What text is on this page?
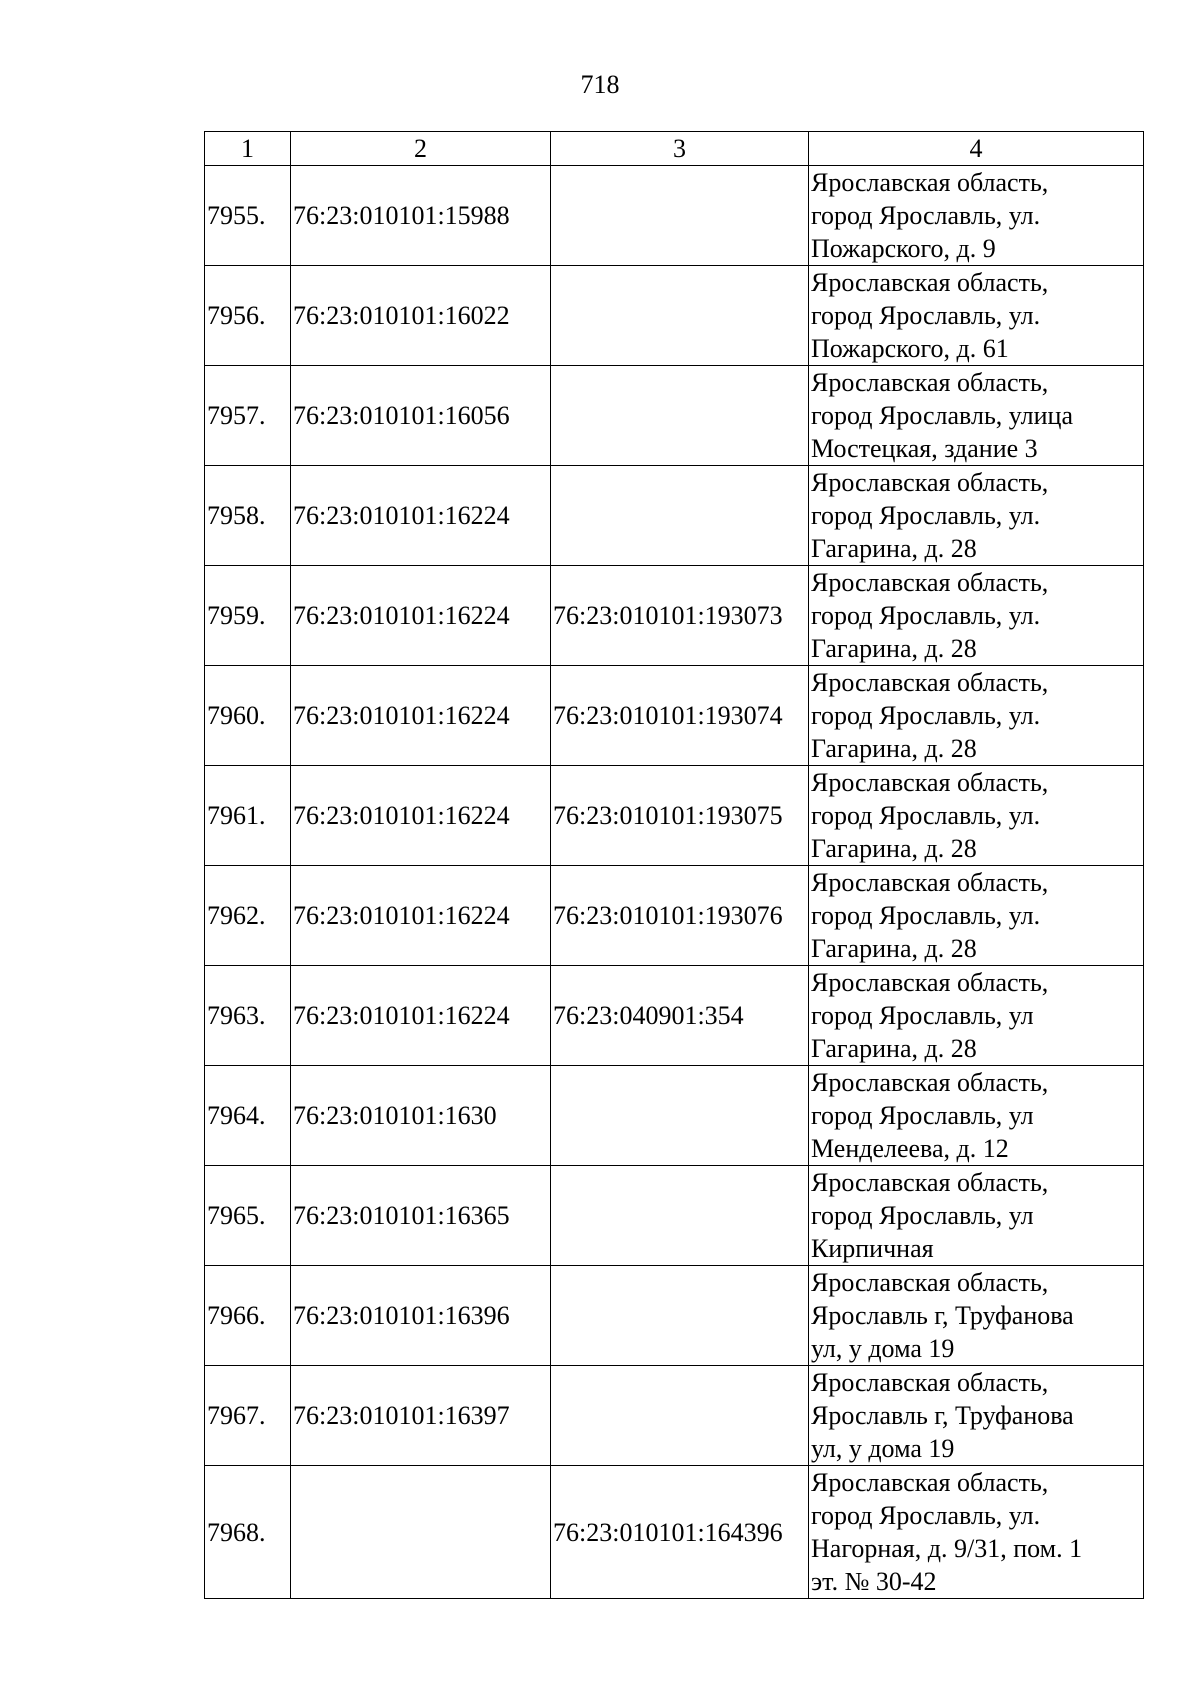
718
1	2	3	4
7955.	76:23:010101:15988		Ярославская область,
город Ярославль, ул.
Пожарского, д. 9
7956.	76:23:010101:16022		Ярославская область,
город Ярославль, ул.
Пожарского, д. 61
7957.	76:23:010101:16056		Ярославская область,
город Ярославль, улица
Мостецкая, здание 3
7958.	76:23:010101:16224		Ярославская область,
город Ярославль, ул.
Гагарина, д. 28
7959.	76:23:010101:16224	76:23:010101:193073	Ярославская область,
город Ярославль, ул.
Гагарина, д. 28
7960.	76:23:010101:16224	76:23:010101:193074	Ярославская область,
город Ярославль, ул.
Гагарина, д. 28
7961.	76:23:010101:16224	76:23:010101:193075	Ярославская область,
город Ярославль, ул.
Гагарина, д. 28
7962.	76:23:010101:16224	76:23:010101:193076	Ярославская область,
город Ярославль, ул.
Гагарина, д. 28
7963.	76:23:010101:16224	76:23:040901:354	Ярославская область,
город Ярославль, ул
Гагарина, д. 28
7964.	76:23:010101:1630		Ярославская область,
город Ярославль, ул
Менделеева, д. 12
7965.	76:23:010101:16365		Ярославская область,
город Ярославль, ул
Кирпичная
7966.	76:23:010101:16396		Ярославская область,
Ярославль г, Труфанова
ул, у дома 19
7967.	76:23:010101:16397		Ярославская область,
Ярославль г, Труфанова
ул, у дома 19
7968.		76:23:010101:164396	Ярославская область,
город Ярославль, ул.
Нагорная, д. 9/31, пом. 1
эт. № 30-42
